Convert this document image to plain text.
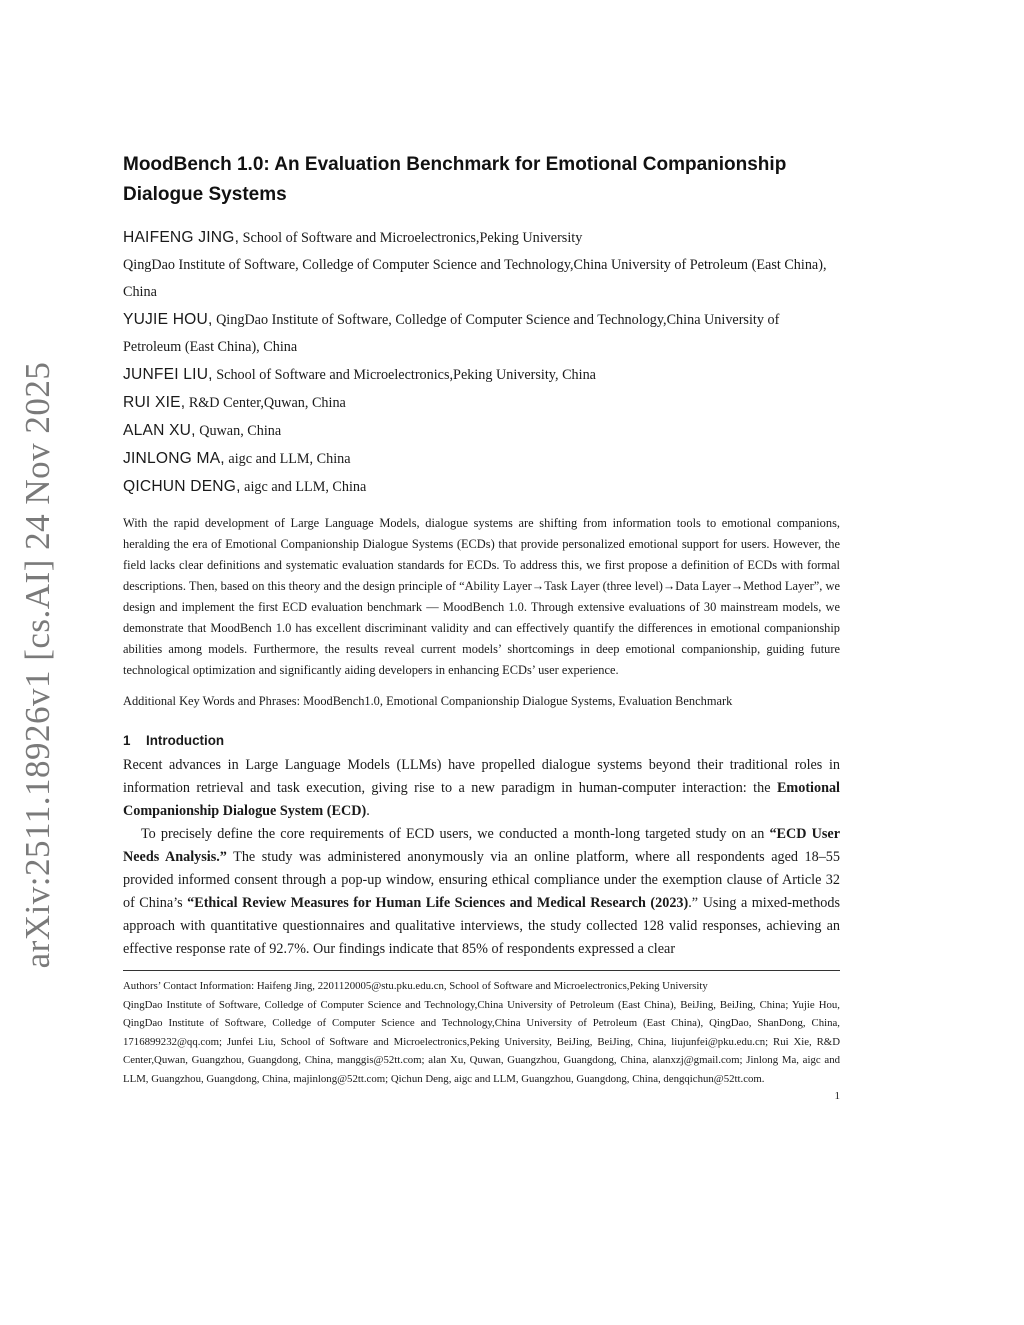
arXiv:2511.18926v1 [cs.AI] 24 Nov 2025
MoodBench 1.0: An Evaluation Benchmark for Emotional Companionship Dialogue Systems

HAIFENG JING, School of Software and Microelectronics,Peking University

QingDao Institute of Software, Colledge of Computer Science and Technology,China University of Petroleum (East China), China

YUJIE HOU, QingDao Institute of Software, Colledge of Computer Science and Technology,China University of Petroleum (East China), China

JUNFEI LIU, School of Software and Microelectronics,Peking University, China

RUI XIE, R&D Center,Quwan, China

ALAN XU, Quwan, China

JINLONG MA, aigc and LLM, China

QICHUN DENG, aigc and LLM, China

With the rapid development of Large Language Models, dialogue systems are shifting from information tools to emotional companions, heralding the era of Emotional Companionship Dialogue Systems (ECDs) that provide personalized emotional support for users. However, the field lacks clear definitions and systematic evaluation standards for ECDs. To address this, we first propose a definition of ECDs with formal descriptions. Then, based on this theory and the design principle of “Ability Layer→Task Layer (three level)→Data Layer→Method Layer”, we design and implement the first ECD evaluation benchmark — MoodBench 1.0. Through extensive evaluations of 30 mainstream models, we demonstrate that MoodBench 1.0 has excellent discriminant validity and can effectively quantify the differences in emotional companionship abilities among models. Furthermore, the results reveal current models’ shortcomings in deep emotional companionship, guiding future technological optimization and significantly aiding developers in enhancing ECDs’ user experience.

Additional Key Words and Phrases: MoodBench1.0, Emotional Companionship Dialogue Systems, Evaluation Benchmark

1	Introduction

Recent advances in Large Language Models (LLMs) have propelled dialogue systems beyond their traditional roles in information retrieval and task execution, giving rise to a new paradigm in human-computer interaction: the Emotional Companionship Dialogue System (ECD).

To precisely define the core requirements of ECD users, we conducted a month-long targeted study on an “ECD User Needs Analysis.” The study was administered anonymously via an online platform, where all respondents aged 18–55 provided informed consent through a pop-up window, ensuring ethical compliance under the exemption clause of Article 32 of China’s “Ethical Review Measures for Human Life Sciences and Medical Research (2023).” Using a mixed-methods approach with quantitative questionnaires and qualitative interviews, the study collected 128 valid responses, achieving an effective response rate of 92.7%. Our findings indicate that 85% of respondents expressed a clear

Authors’ Contact Information: Haifeng Jing, 2201120005@stu.pku.edu.cn, School of Software and Microelectronics,Peking University

QingDao Institute of Software, Colledge of Computer Science and Technology,China University of Petroleum (East China), BeiJing, BeiJing, China; Yujie Hou, QingDao Institute of Software, Colledge of Computer Science and Technology,China University of Petroleum (East China), QingDao, ShanDong, China, 1716899232@qq.com; Junfei Liu, School of Software and Microelectronics,Peking University, BeiJing, BeiJing, China, liujunfei@pku.edu.cn; Rui Xie, R&D Center,Quwan, Guangzhou, Guangdong, China, manggis@52tt.com; alan Xu, Quwan, Guangzhou, Guangdong, China, alanxzj@gmail.com; Jinlong Ma, aigc and LLM, Guangzhou, Guangdong, China, majinlong@52tt.com; Qichun Deng, aigc and LLM, Guangzhou, Guangdong, China, dengqichun@52tt.com.

1
